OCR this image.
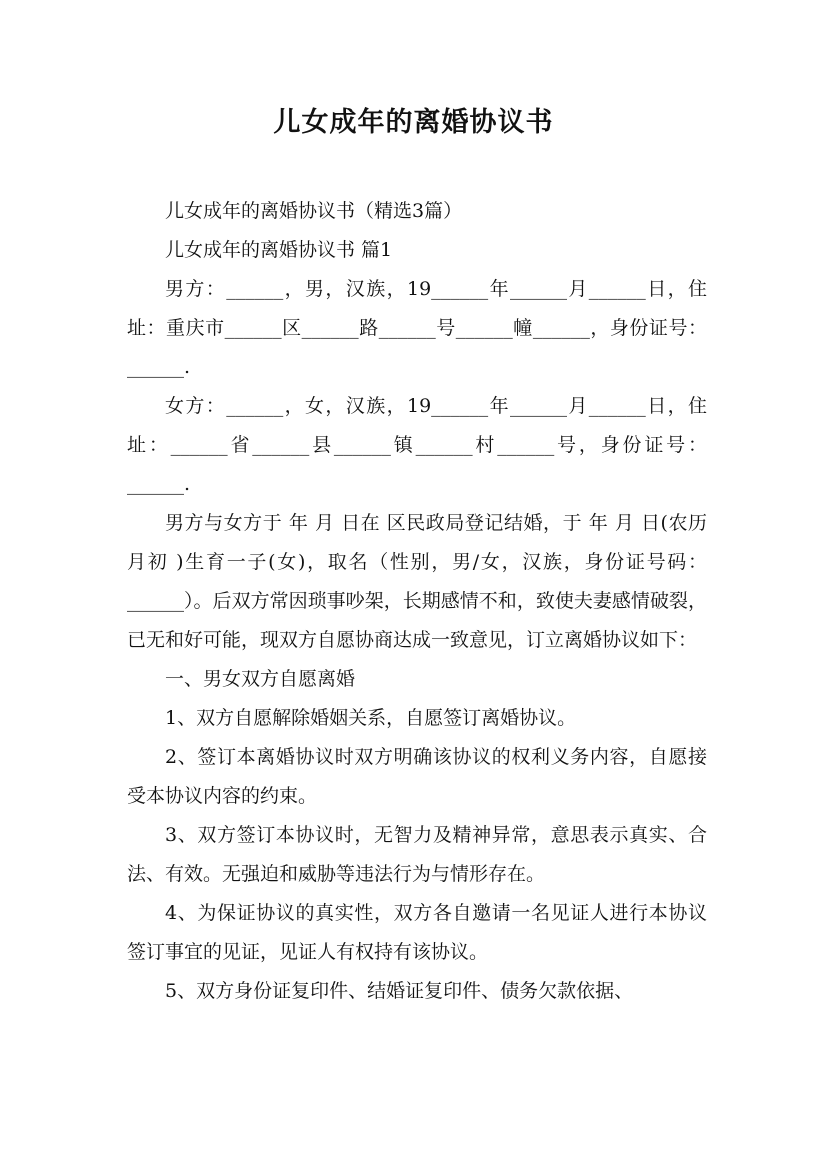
儿女成年的离婚协议书

儿女成年的离婚协议书（精选3篇）

儿女成年的离婚协议书 篇1

男方：______，男，汉族，19______年______月______日，住址：重庆市______区______路______号______幢______，身份证号：______.

女方：______，女，汉族，19______年______月______日，住址：______省______县______镇______村______号，身份证号：______.

男方与女方于 年 月 日在 区民政局登记结婚，于 年 月 日(农历 月初 )生育一子(女)，取名（性别，男/女，汉族，身份证号码：______）。后双方常因琐事吵架，长期感情不和，致使夫妻感情破裂，已无和好可能，现双方自愿协商达成一致意见，订立离婚协议如下：

一、男女双方自愿离婚

1、双方自愿解除婚姻关系，自愿签订离婚协议。

2、签订本离婚协议时双方明确该协议的权利义务内容，自愿接受本协议内容的约束。

3、双方签订本协议时，无智力及精神异常，意思表示真实、合法、有效。无强迫和威胁等违法行为与情形存在。

4、为保证协议的真实性，双方各自邀请一名见证人进行本协议签订事宜的见证，见证人有权持有该协议。

5、双方身份证复印件、结婚证复印件、债务欠款依据、
